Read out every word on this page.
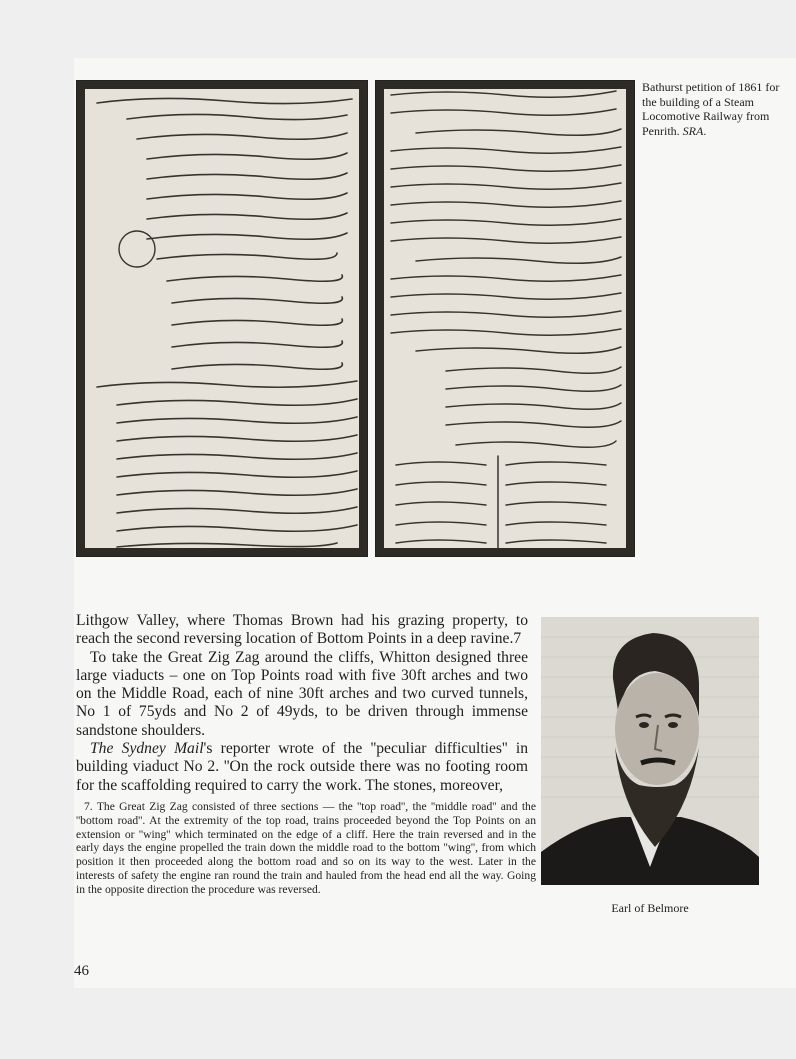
Bathurst petition of 1861 for the building of a Steam Locomotive Railway from Penrith. SRA.

Lithgow Valley, where Thomas Brown had his grazing property, to reach the second reversing location of Bottom Points in a deep ravine.7

To take the Great Zig Zag around the cliffs, Whitton designed three large viaducts – one on Top Points road with five 30ft arches and two on the Middle Road, each of nine 30ft arches and two curved tunnels, No 1 of 75yds and No 2 of 49yds, to be driven through immense sandstone shoulders.

The Sydney Mail's reporter wrote of the ''peculiar difficulties'' in building viaduct No 2. ''On the rock outside there was no footing room for the scaffolding required to carry the work. The stones, moreover,

7. The Great Zig Zag consisted of three sections — the ''top road'', the ''middle road'' and the ''bottom road''. At the extremity of the top road, trains proceeded beyond the Top Points on an extension or ''wing'' which terminated on the edge of a cliff. Here the train reversed and in the early days the engine propelled the train down the middle road to the bottom ''wing'', from which position it then proceeded along the bottom road and so on its way to the west. Later in the interests of safety the engine ran round the train and hauled from the head end all the way. Going in the opposite direction the procedure was reversed.
Earl of Belmore
46
